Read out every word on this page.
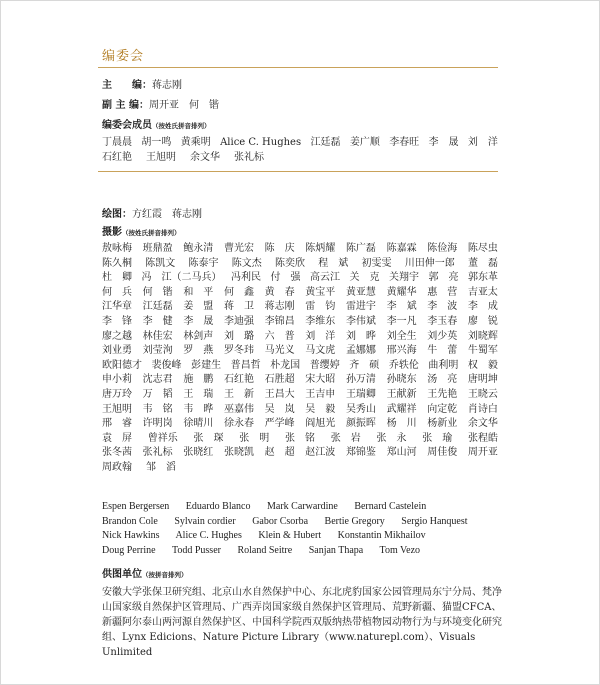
编委会
主　　编：蒋志刚
副 主 编：周开亚　何　锴
编委会成员（按姓氏拼音排列）
丁晨晨 胡一鸣 黄乘明 Alice C. Hughes 江廷磊 姜广顺 李春旺 李　晟 刘　洋
石红艳 王旭明 余文华 张礼标
绘图：方红霞　蒋志刚
摄影（按姓氏拼音排列）
敖咏梅 班鼎盈 鲍永清 曹光宏 陈　庆 陈炳耀 陈广磊 陈嘉霖 陈俭海 陈尽虫
陈久桐 陈凯文 陈泰宇 陈文杰 陈奕欣 程　斌 初雯雯 川田伸一郎 董　磊
杜　卿 冯　江（二马兵） 冯利民 付　强 高云江 关　克 关翔宇 郭　亮 郭东革
何　兵 何　锴 和　平 何　鑫 黄　春 黄宝平 黄亚慧 黄耀华 惠　营 吉亚太
江华章 江廷磊 姜　盟 蒋　卫 蒋志刚 雷　钧 雷进宇 李　斌 李　波 李　成
李　锋 李　健 李　晟 李迪强 李锦昌 李维东 李伟斌 李一凡 李玉春 廖　锐
廖之越 林佳宏 林剑声 刘　璐 六　普 刘　洋 刘　晔 刘全生 刘少英 刘晓辉
刘业勇 刘莹洵 罗　燕 罗冬玮 马光义 马文虎 孟娜娜 邢兴海 牛　蕾 牛蜀军
欧阳德才 裴俊峰 彭建生 普昌哲 朴龙国 普缨婷 齐　硕 乔轶伦 曲利明 权　毅
申小莉 沈志君 施　鹏 石红艳 石胜超 宋大昭 孙万清 孙晓东 汤　亮 唐明坤
唐万玲 万　韬 王　瑞 王　新 王昌大 王吉申 王瑞卿 王献新 王先艳 王晓云
王旭明 韦　铭 韦　晔 巫嘉伟 吴　岚 吴　毅 吴秀山 武耀祥 向定乾 肖诗白
邢　睿 许明岗 徐晴川 徐永春 严学峰 阎旭光 颜振晖 杨　川 杨新业 余文华
袁　屏 曾祥乐 张　琛 张　明 张　铭 张　岩 张　永 张　瑜 张程皓
张冬茜 张礼标 张晓红 张晓凯 赵　超 赵江波 郑锦鉴 郑山河 周佳俊 周开亚
周政翰 邹　滔
Espen Bergersen Eduardo Blanco Mark Carwardine Bernard Castelein Brandon Cole Sylvain cordier Gabor Csorba Bertie Gregory Sergio Hanquest Nick Hawkins Alice C. Hughes Klein & Hubert Konstantin Mikhailov Doug Perrine Todd Pusser Roland Seitre Sanjan Thapa Tom Vezo
供图单位（按拼音排列）
安徽大学张保卫研究组、北京山水自然保护中心、东北虎豹国家公园管理局东宁分局、梵净山国家级自然保护区管理局、广西弄岗国家级自然保护区管理局、荒野新疆、猫盟CFCA、新疆阿尔泰山两河源自然保护区、中国科学院西双版纳热带植物园动物行为与环境变化研究组、Lynx Edicions、Nature Picture Library（www.naturepl.com）、Visuals Unlimited
